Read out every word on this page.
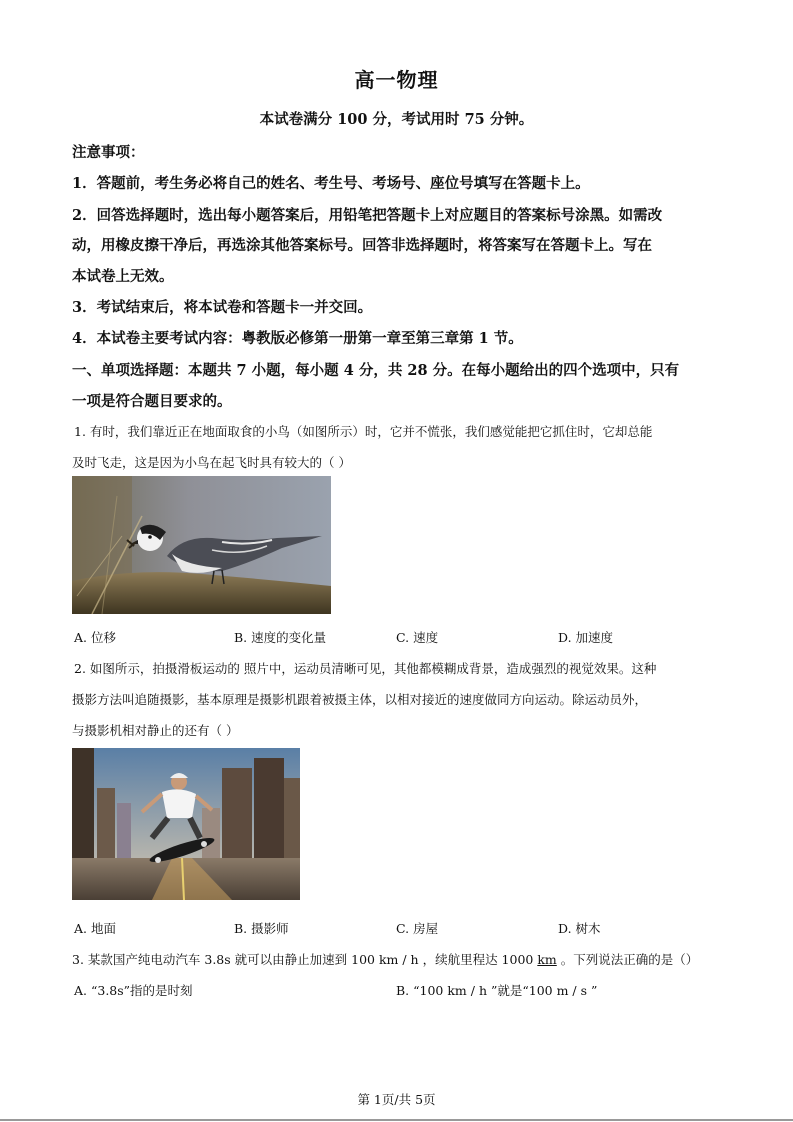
高一物理
本试卷满分 100 分，考试用时 75 分钟。
注意事项：
1．答题前，考生务必将自己的姓名、考生号、考场号、座位号填写在答题卡上。
2．回答选择题时，选出每小题答案后，用铅笔把答题卡上对应题目的答案标号涂黑。如需改
动，用橡皮擦干净后，再选涂其他答案标号。回答非选择题时，将答案写在答题卡上。写在
本试卷上无效。
3．考试结束后，将本试卷和答题卡一并交回。
4．本试卷主要考试内容：粤教版必修第一册第一章至第三章第 1 节。
一、单项选择题：本题共 7 小题，每小题 4 分，共 28 分。在每小题给出的四个选项中，只有
一项是符合题目要求的。
1. 有时，我们靠近正在地面取食的小鸟（如图所示）时，它并不慌张，我们感觉能把它抓住时，它却总能
及时飞走，这是因为小鸟在起飞时具有较大的（ ）
A. 位移	B. 速度的变化量	C. 速度	D. 加速度
2. 如图所示，拍摄滑板运动的 照片中，运动员清晰可见，其他都模糊成背景，造成强烈的视觉效果。这种
摄影方法叫追随摄影，基本原理是摄影机跟着被摄主体，以相对接近的速度做同方向运动。除运动员外，
与摄影机相对静止的还有（ ）
A. 地面	B. 摄影师	C. 房屋	D. 树木
3. 某款国产纯电动汽车 3.8s 就可以由静止加速到 100 km / h ，续航里程达 1000 km 。下列说法正确的是（）
A. “3.8s”指的是时刻	B. “100 km / h ”就是“100 m / s ”
第 1页/共 5页
